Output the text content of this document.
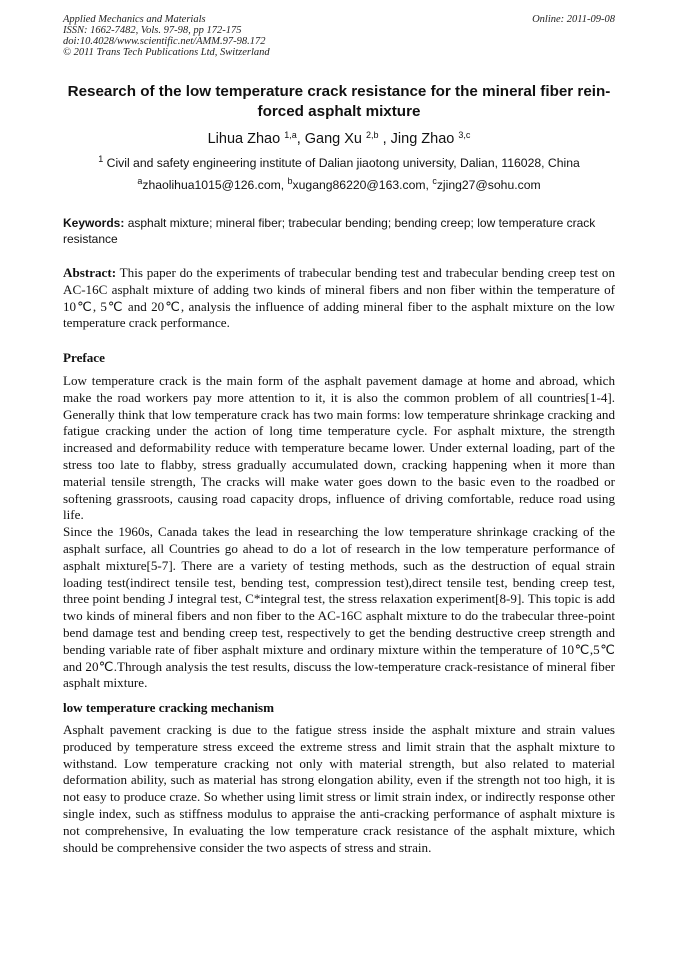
Applied Mechanics and Materials
ISSN: 1662-7482, Vols. 97-98, pp 172-175
doi:10.4028/www.scientific.net/AMM.97-98.172
© 2011 Trans Tech Publications Ltd, Switzerland
Online: 2011-09-08
Research of the low temperature crack resistance for the mineral fiber rein-forced asphalt mixture
Lihua Zhao $^{1,a}$, Gang Xu $^{2,b}$ , Jing Zhao $^{3,c}$
$^1$ Civil and safety engineering institute of Dalian jiaotong university, Dalian, 116028, China
$^a$zhaolihua1015@126.com, $^b$xugang86220@163.com, $^c$zjing27@sohu.com
Keywords: asphalt mixture; mineral fiber; trabecular bending; bending creep; low temperature crack resistance
Abstract: This paper do the experiments of trabecular bending test and trabecular bending creep test on AC-16C asphalt mixture of adding two kinds of mineral fibers and non fiber within the temperature of 10℃, 5℃ and 20℃, analysis the influence of adding mineral fiber to the asphalt mixture on the low temperature crack performance.
Preface

Low temperature crack is the main form of the asphalt pavement damage at home and abroad, which make the road workers pay more attention to it, it is also the common problem of all countries[1-4]. Generally think that low temperature crack has two main forms: low temperature shrinkage cracking and fatigue cracking under the action of long time temperature cycle. For asphalt mixture, the strength increased and deformability reduce with temperature became lower. Under external loading, part of the stress too late to flabby, stress gradually accumulated down, cracking happening when it more than material tensile strength, The cracks will make water goes down to the basic even to the roadbed or softening grassroots, causing road capacity drops, influence of driving comfortable, reduce road using life.

Since the 1960s, Canada takes the lead in researching the low temperature shrinkage cracking of the asphalt surface, all Countries go ahead to do a lot of research in the low temperature performance of asphalt mixture[5-7]. There are a variety of testing methods, such as the destruction of equal strain loading test(indirect tensile test, bending test, compression test),direct tensile test, bending creep test, three point bending J integral test, C*integral test, the stress relaxation experiment[8-9]. This topic is add two kinds of mineral fibers and non fiber to the AC-16C asphalt mixture to do the trabecular three-point bend damage test and bending creep test, respectively to get the bending destructive creep strength and bending variable rate of fiber asphalt mixture and ordinary mixture within the temperature of 10℃,5℃ and 20℃.Through analysis the test results, discuss the low-temperature crack-resistance of mineral fiber asphalt mixture.

low temperature cracking mechanism

Asphalt pavement cracking is due to the fatigue stress inside the asphalt mixture and strain values produced by temperature stress exceed the extreme stress and limit strain that the asphalt mixture to withstand. Low temperature cracking not only with material strength, but also related to material deformation ability, such as material has strong elongation ability, even if the strength not too high, it is not easy to produce craze. So whether using limit stress or limit strain index, or indirectly response other single index, such as stiffness modulus to appraise the anti-cracking performance of asphalt mixture is not comprehensive, In evaluating the low temperature crack resistance of the asphalt mixture, which should be comprehensive consider the two aspects of stress and strain.
